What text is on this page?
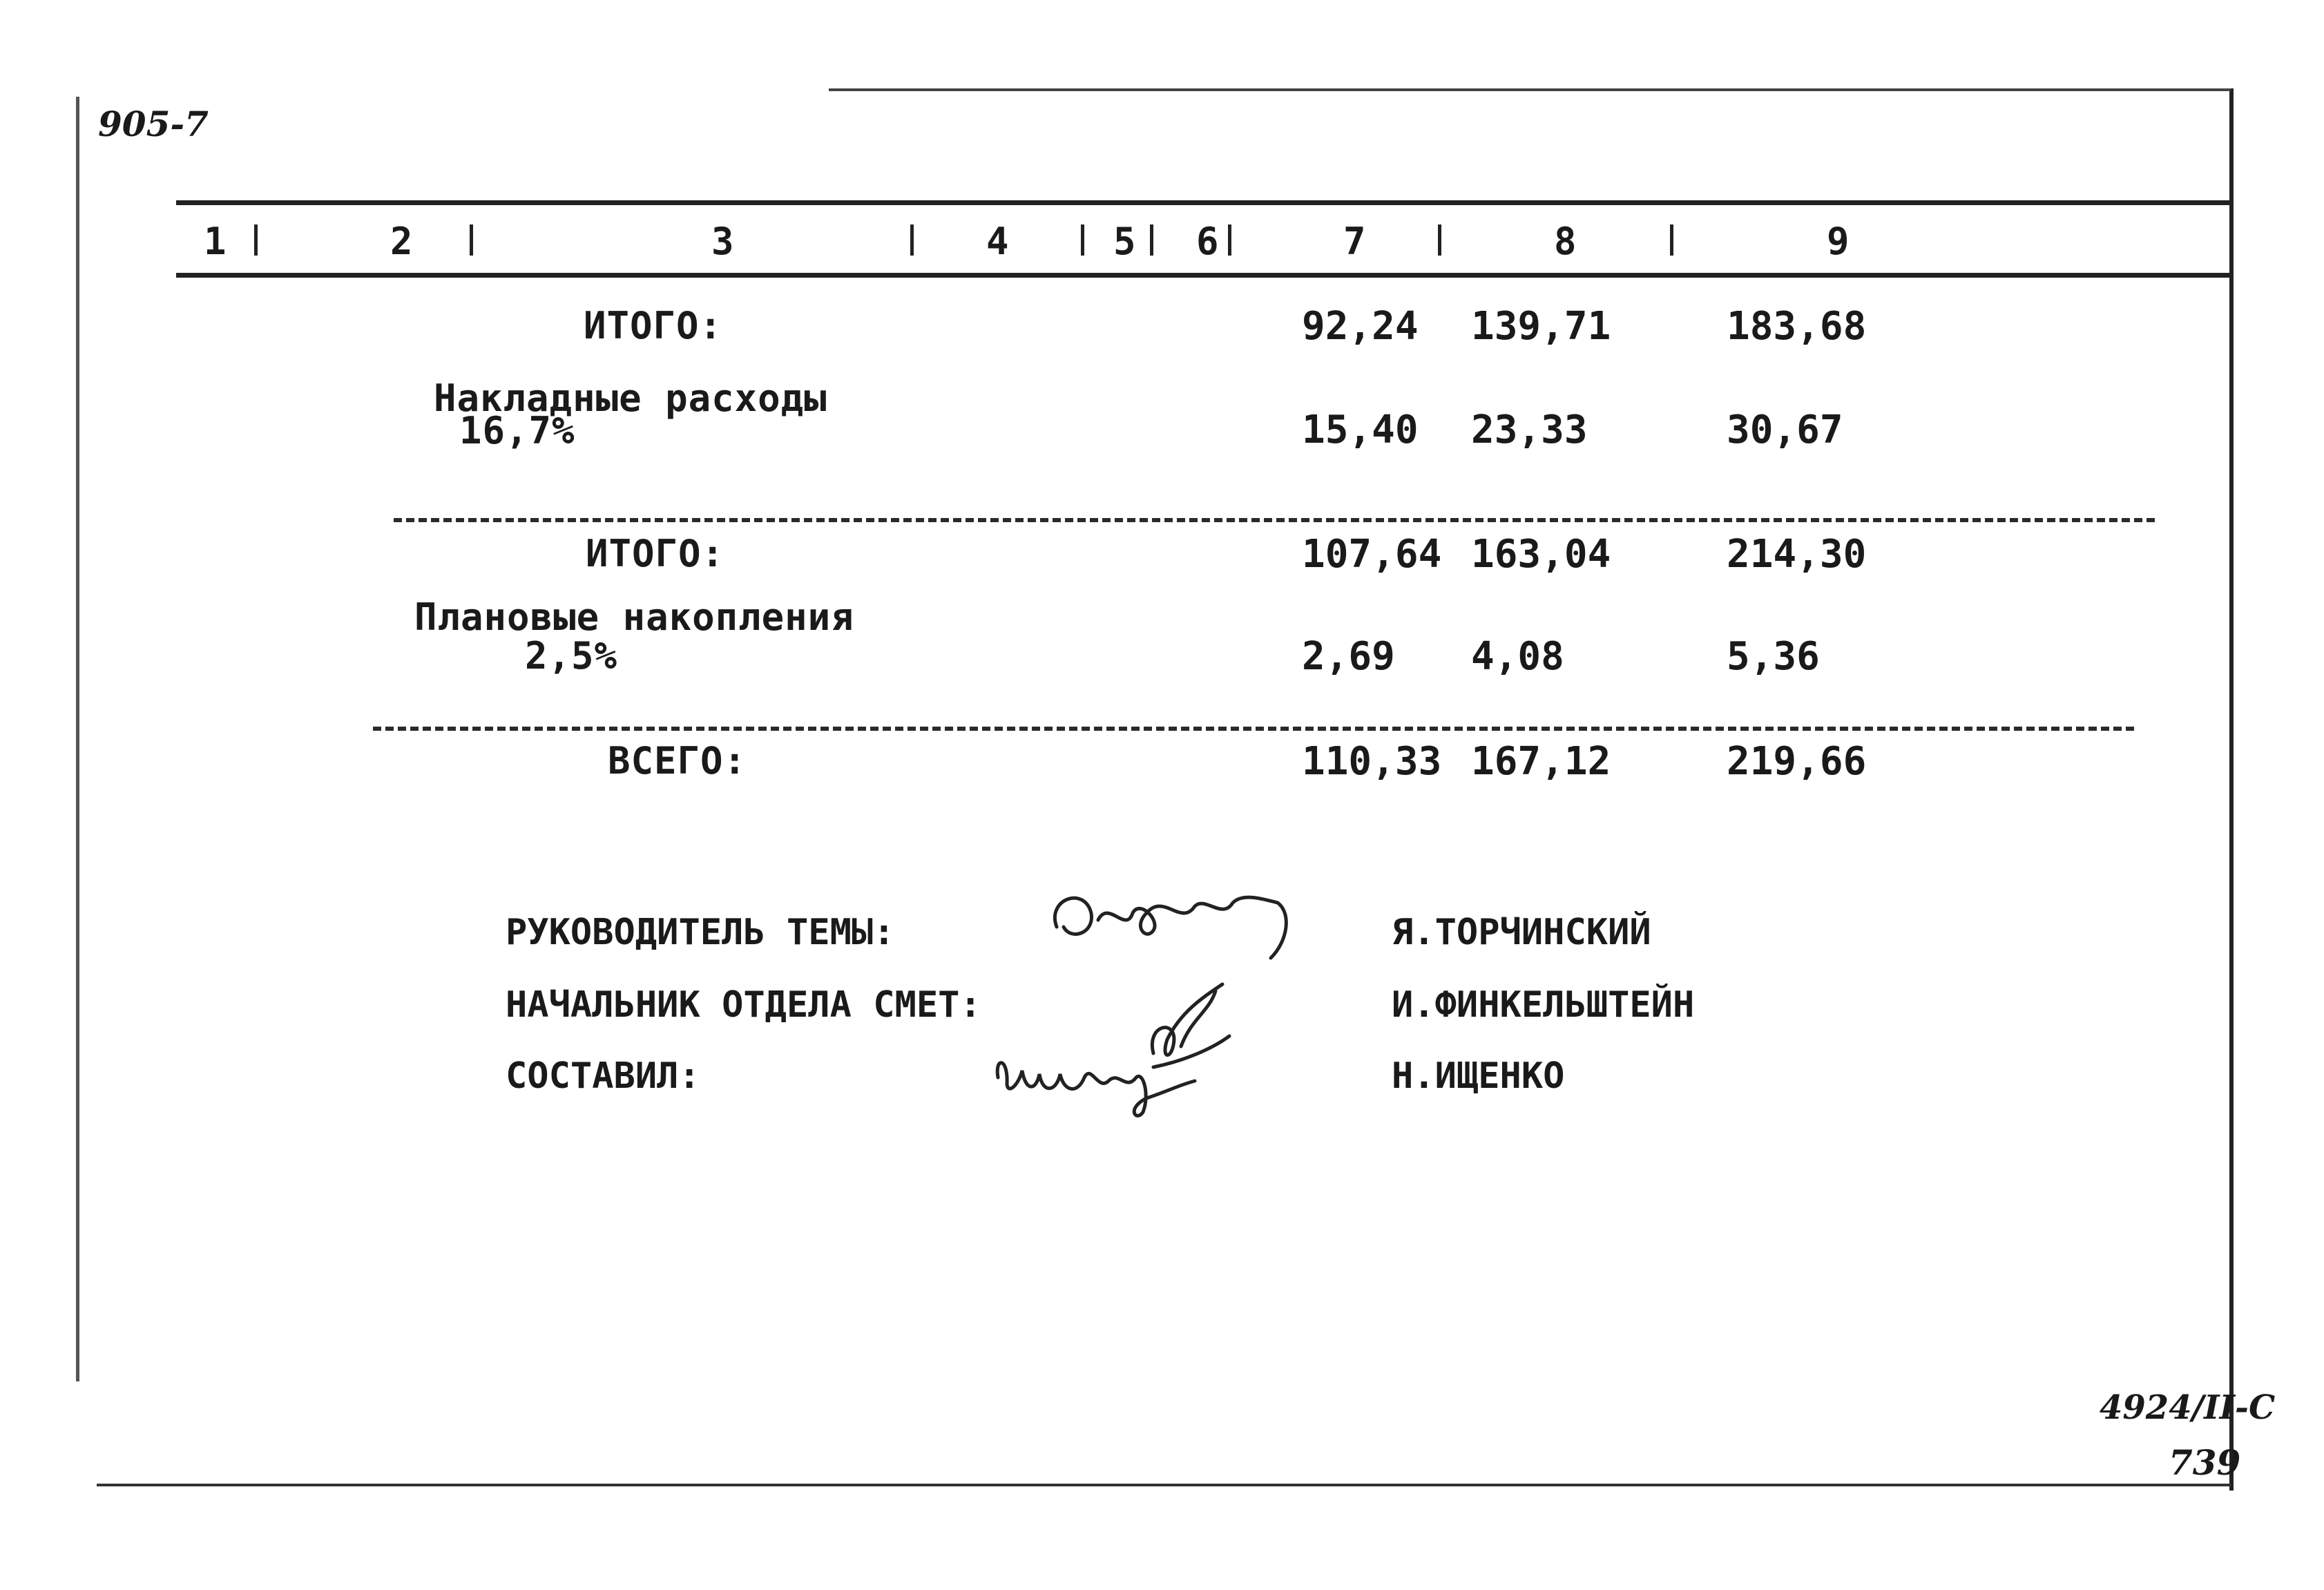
905-7
1	2	3	4	5 6	7	8	9
ИТОГО:	92,24 139,71	183,68
Накладные расходы
16,7%	15,40 23,33	30,67
ИТОГО:	107,64 163,04	214,30
Плановые накопления
2,5%	2,69 4,08	5,36
ВСЕГО:	110,33 167,12	219,66
РУКОВОДИТЕЛЬ ТЕМЫ:	Я.ТОРЧИНСКИЙ
НАЧАЛЬНИК ОТДЕЛА СМЕТ:	И.ФИНКЕЛЬШТЕЙН
СОСТАВИЛ:	Н.ИЩЕНКО
4924/II-C
739
